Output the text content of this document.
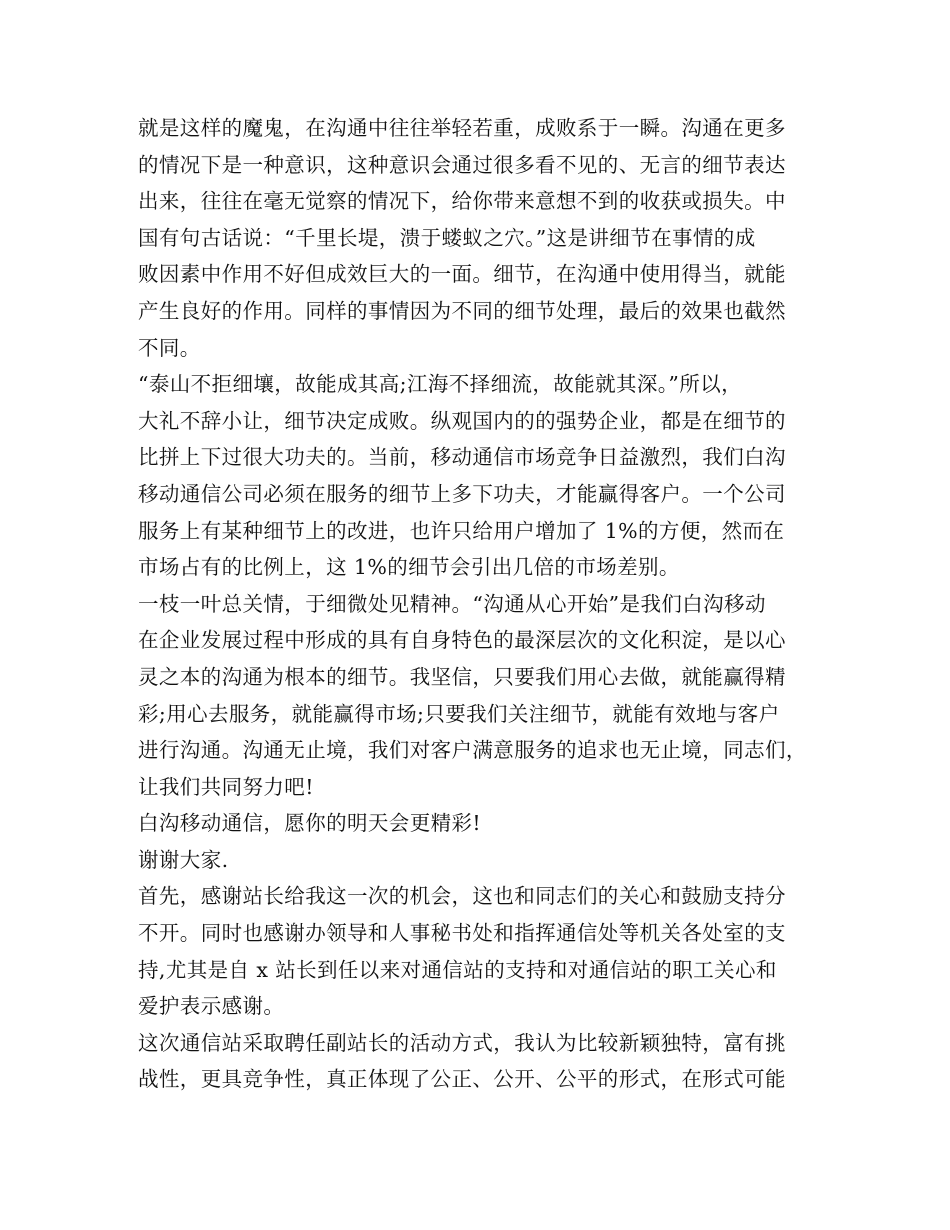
就是这样的魔鬼，在沟通中往往举轻若重，成败系于一瞬。沟通在更多
的情况下是一种意识，这种意识会通过很多看不见的、无言的细节表达
出来，往往在毫无觉察的情况下，给你带来意想不到的收获或损失。中
国有句古话说：“千里长堤，溃于蝼蚁之穴。”这是讲细节在事情的成
败因素中作用不好但成效巨大的一面。细节，在沟通中使用得当，就能
产生良好的作用。同样的事情因为不同的细节处理，最后的效果也截然
不同。
“泰山不拒细壤，故能成其高;江海不择细流，故能就其深。”所以，
大礼不辞小让，细节决定成败。纵观国内的的强势企业，都是在细节的
比拼上下过很大功夫的。当前，移动通信市场竞争日益激烈，我们白沟
移动通信公司必须在服务的细节上多下功夫，才能赢得客户。一个公司
服务上有某种细节上的改进，也许只给用户增加了 1%的方便，然而在
市场占有的比例上，这 1%的细节会引出几倍的市场差别。
一枝一叶总关情，于细微处见精神。“沟通从心开始”是我们白沟移动
在企业发展过程中形成的具有自身特色的最深层次的文化积淀，是以心
灵之本的沟通为根本的细节。我坚信，只要我们用心去做，就能赢得精
彩;用心去服务，就能赢得市场;只要我们关注细节，就能有效地与客户
进行沟通。沟通无止境，我们对客户满意服务的追求也无止境，同志们，
让我们共同努力吧!
白沟移动通信，愿你的明天会更精彩!
谢谢大家.
首先，感谢站长给我这一次的机会，这也和同志们的关心和鼓励支持分
不开。同时也感谢办领导和人事秘书处和指挥通信处等机关各处室的支
持,尤其是自 x 站长到任以来对通信站的支持和对通信站的职工关心和
爱护表示感谢。
这次通信站采取聘任副站长的活动方式，我认为比较新颖独特，富有挑
战性，更具竞争性，真正体现了公正、公开、公平的形式，在形式可能
